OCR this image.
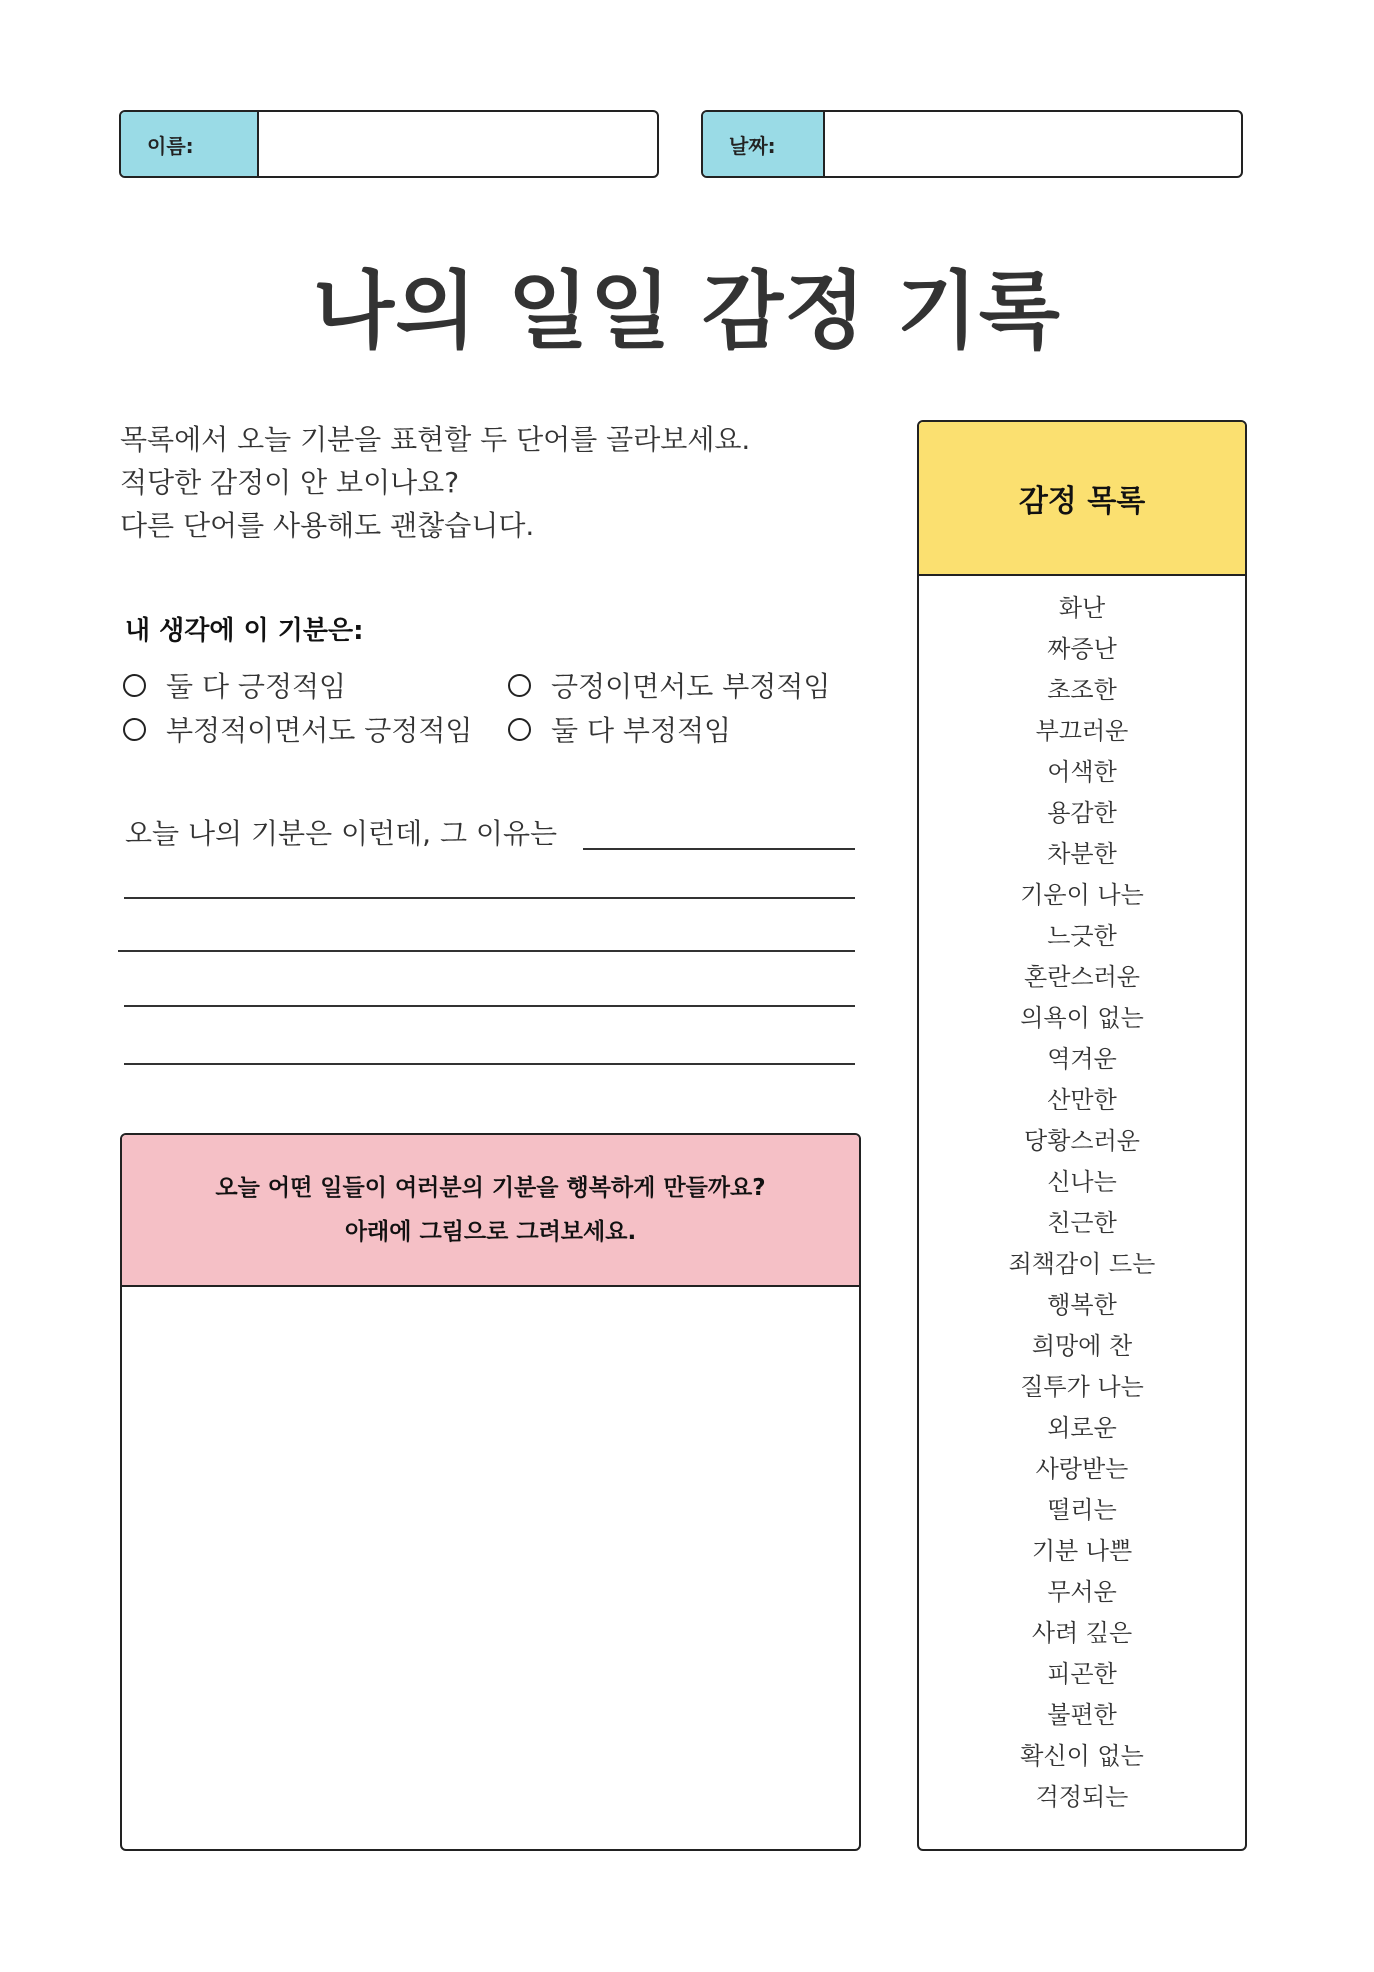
이름:	날짜:
나의 일일 감정 기록
목록에서 오늘 기분을 표현할 두 단어를 골라보세요.
적당한 감정이 안 보이나요?
다른 단어를 사용해도 괜찮습니다.
내 생각에 이 기분은:
둘 다 긍정적임	긍정이면서도 부정적임
부정적이면서도 긍정적임	둘 다 부정적임
오늘 나의 기분은 이런데, 그 이유는
오늘 어떤 일들이 여러분의 기분을 행복하게 만들까요?
아래에 그림으로 그려보세요.
감정 목록
화난
짜증난
초조한
부끄러운
어색한
용감한
차분한
기운이 나는
느긋한
혼란스러운
의욕이 없는
역겨운
산만한
당황스러운
신나는
친근한
죄책감이 드는
행복한
희망에 찬
질투가 나는
외로운
사랑받는
떨리는
기분 나쁜
무서운
사려 깊은
피곤한
불편한
확신이 없는
걱정되는
